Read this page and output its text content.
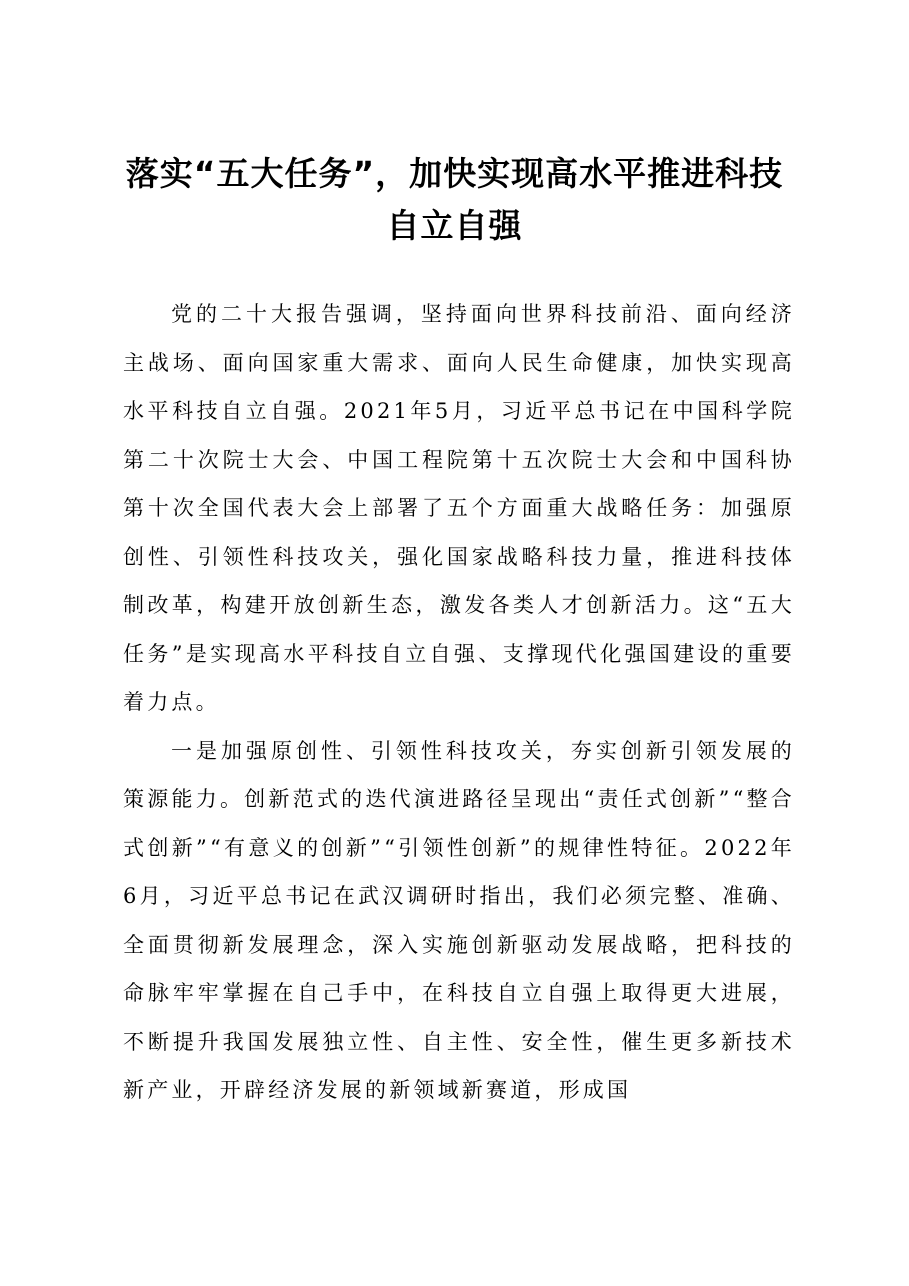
落实“五大任务”，加快实现高水平推进科技
自立自强

党的二十大报告强调，坚持面向世界科技前沿、面向经济主战场、面向国家重大需求、面向人民生命健康，加快实现高水平科技自立自强。2021年5月，习近平总书记在中国科学院第二十次院士大会、中国工程院第十五次院士大会和中国科协第十次全国代表大会上部署了五个方面重大战略任务：加强原创性、引领性科技攻关，强化国家战略科技力量，推进科技体制改革，构建开放创新生态，激发各类人才创新活力。这“五大任务”是实现高水平科技自立自强、支撑现代化强国建设的重要着力点。

一是加强原创性、引领性科技攻关，夯实创新引领发展的策源能力。创新范式的迭代演进路径呈现出“责任式创新”“整合式创新”“有意义的创新”“引领性创新”的规律性特征。2022年6月，习近平总书记在武汉调研时指出，我们必须完整、准确、全面贯彻新发展理念，深入实施创新驱动发展战略，把科技的命脉牢牢掌握在自己手中，在科技自立自强上取得更大进展，不断提升我国发展独立性、自主性、安全性，催生更多新技术新产业，开辟经济发展的新领域新赛道，形成国
